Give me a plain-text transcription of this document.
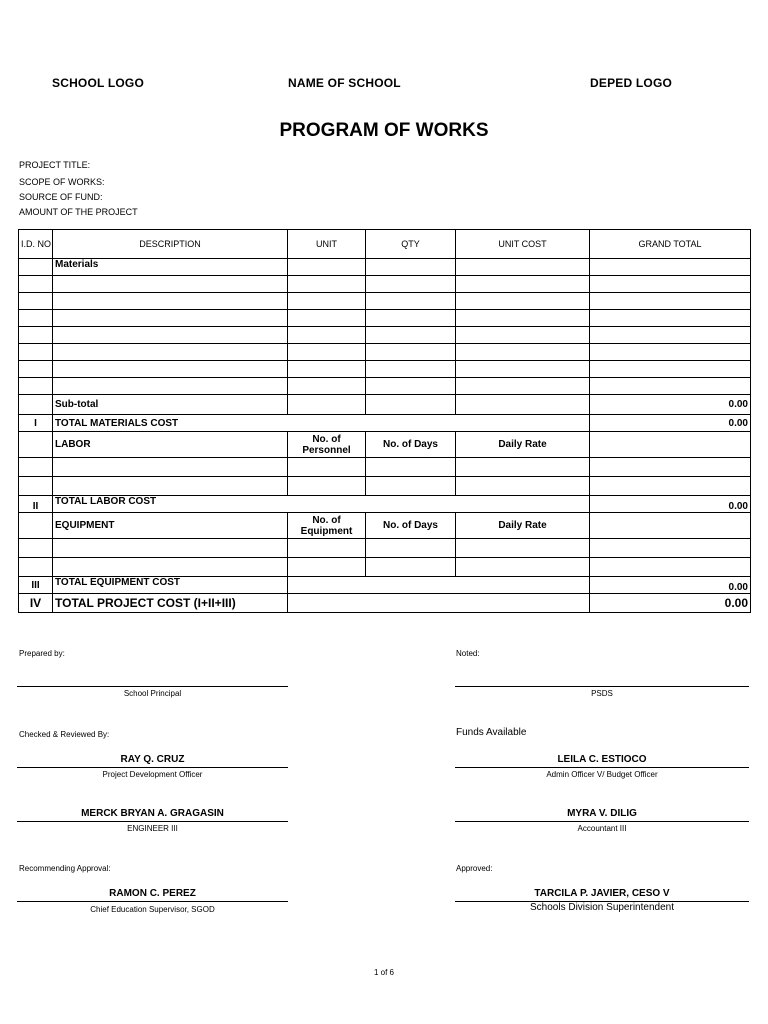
SCHOOL LOGO	NAME OF SCHOOL	DEPED LOGO
PROGRAM OF WORKS
PROJECT TITLE:
SCOPE OF WORKS:
SOURCE OF FUND:
AMOUNT OF THE PROJECT
I.D. NO	DESCRIPTION	UNIT	QTY	UNIT COST	GRAND TOTAL
	Materials				

	Sub-total				0.00
I	TOTAL MATERIALS COST				0.00
	LABOR	No. of Personnel	No. of Days	Daily Rate	

II	TOTAL LABOR COST				0.00
	EQUIPMENT	No. of Equipment	No. of Days	Daily Rate	

III	TOTAL EQUIPMENT COST				0.00
IV	TOTAL PROJECT COST (I+II+III)				0.00
Prepared by:	Noted:
School Principal	PSDS
Checked & Reviewed By:	Funds Available
RAY Q. CRUZ
Project Development Officer
LEILA C. ESTIOCO
Admin Officer V/ Budget Officer
MERCK BRYAN A. GRAGASIN
ENGINEER III
MYRA V. DILIG
Accountant III
Recommending Approval:	Approved:
RAMON C. PEREZ
Chief Education Supervisor, SGOD
TARCILA P. JAVIER, CESO V
Schools Division Superintendent
1 of 6
